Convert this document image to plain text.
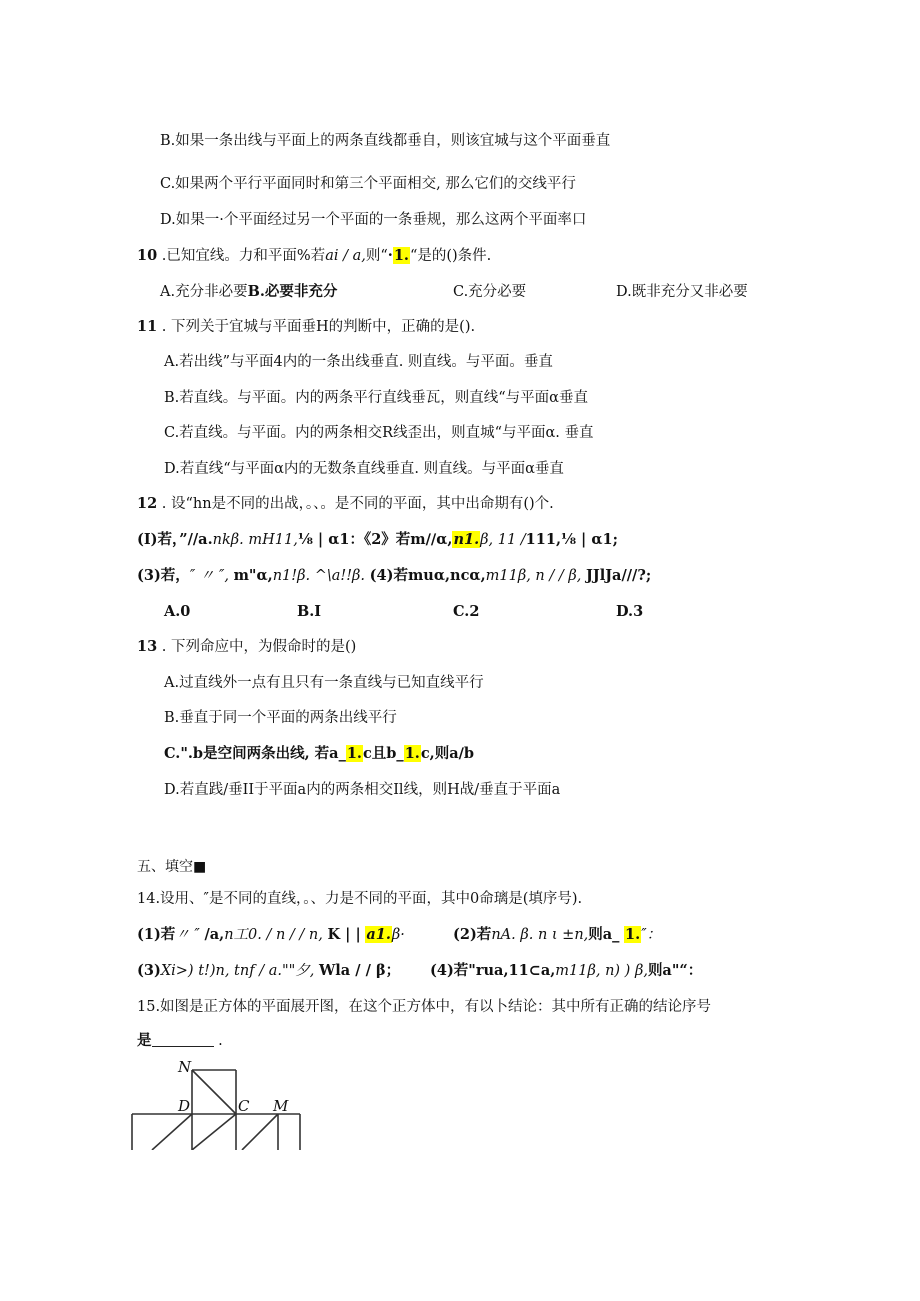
B.如果一条出线与平面上的两条直线都垂自，则该宜城与这个平面垂直
C.如果两个平行平面同时和第三个平面相交, 那么它们的交线平行
D.如果一·个平面经过另一个平面的一条垂规，那么这两个平面率口
10 .已知宜线。力和平面%若ai / a,则“·1.“是的()条件.
A.充分非必要B.必要非充分	C.充分必要	D.既非充分又非必要
11 . 下列关于宜城与平面垂H的判断中，正确的是().
A.若出线”与平面4内的一条出线垂直. 则直线。与平面。垂直
B.若直线。与平面。内的两条平行直线垂瓦，则直线“与平面α垂直
C.若直线。与平面。内的两条相交R线歪出，则直城“与平面α. 垂直
D.若直线“与平面α内的无数条直线垂直. 则直线。与平面α垂直
12 . 设“hn是不同的出战，。、。是不同的平面，其中出命期有()个.
(I)若，”//a.nkβ. mH11,⅛ | α1：《2》若m∕∕α,n1.β, 11 /111,⅛ | α1;
(3)若，″ 〃 ″, m"α,n1!β. ^\a!!β. (4)若muα,ncα,m11β, n / / β, JJlJa///?;
A.0	B.I	C.2	D.3
13 . 下列命应中，为假命时的是()
A.过直线外一点有且只有一条直线与已知直线平行
B.垂直于同一个平面的两条出线平行
C.".b是空间两条出线, 若a_1.c且b_1.c,则a∕b
D.若直践/垂II于平面a内的两条相交Il线，则H战/垂直于平面a
五、填空■
14.设用、″是不同的直线，。、力是不同的平面，其中0命璃是(填序号).
(1)若〃 ″ /a,n工0. / n / / n, K | | a1.β·	(2)若nA. β. n ι ±n,则a_ 1.″：
(3)Xi>) t!)n, tnf / a.""夕, Wla / / β； (4)若"rua,11⊂a,m11β, n) ) β,则a"“：
15.如图是正方体的平面展开图，在这个正方体中，有以卜结论：其中所有正确的结论序号
是	.
N
D	C M
